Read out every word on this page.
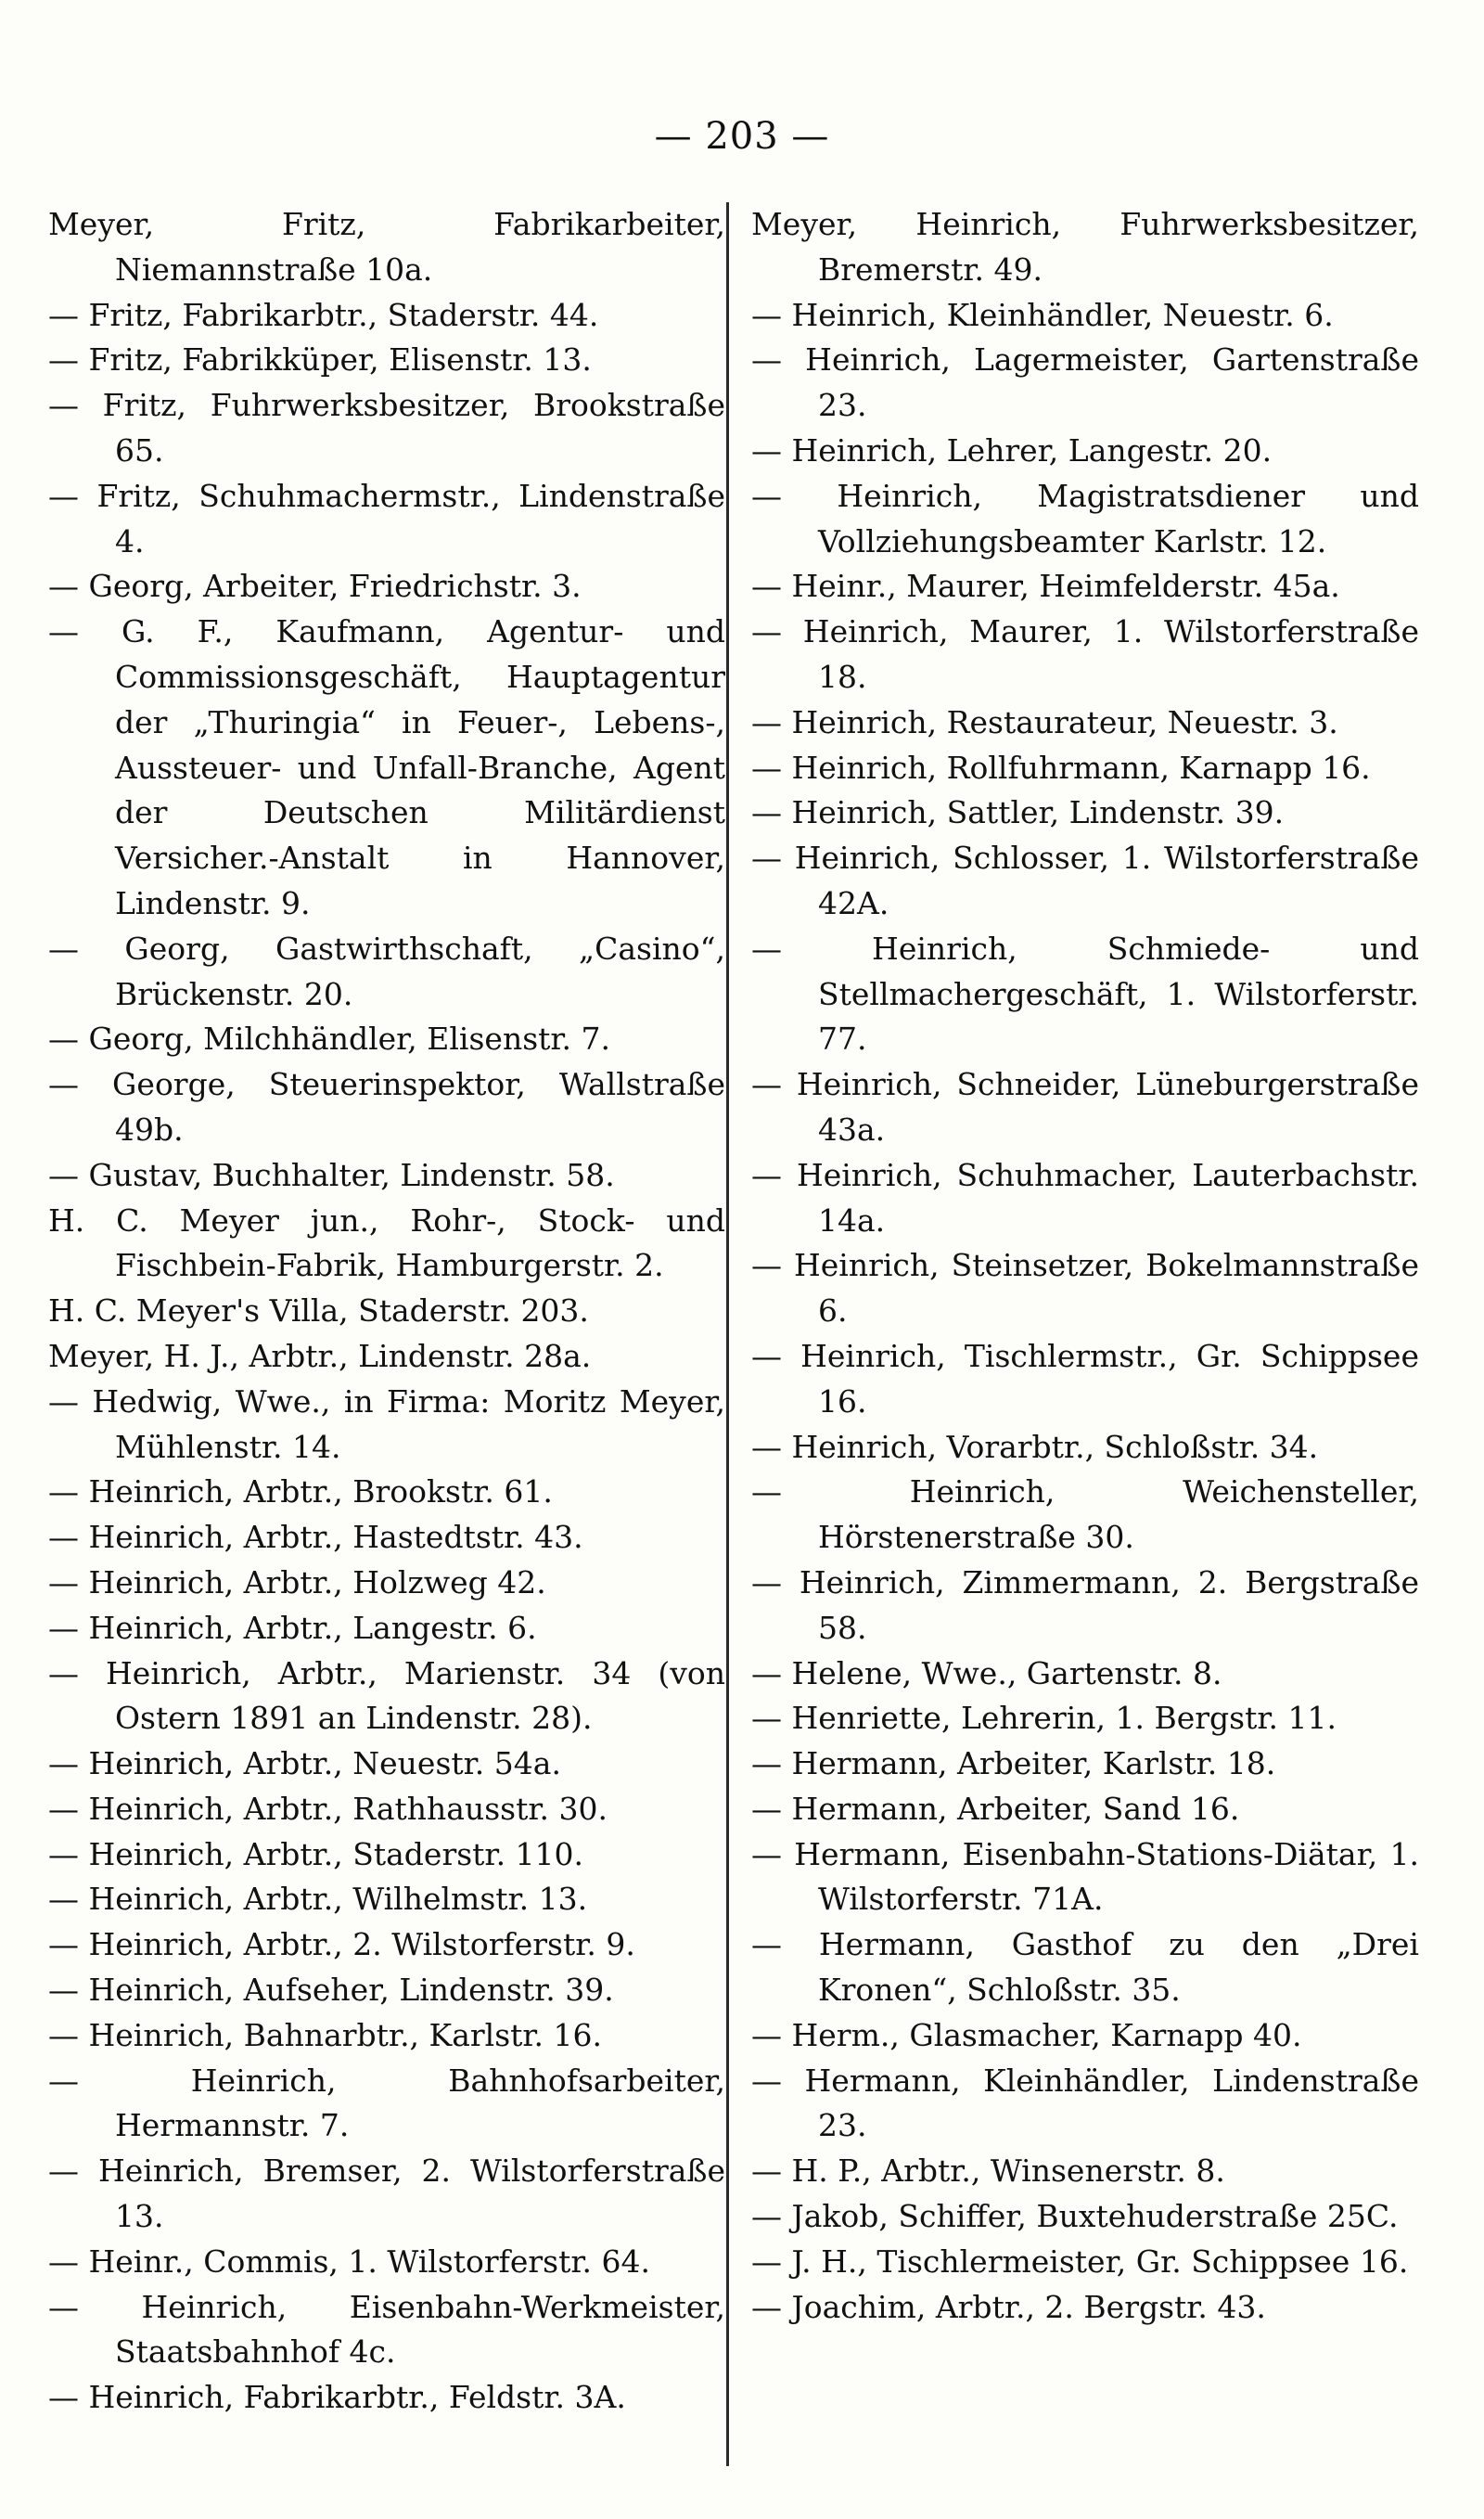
— 203 —
Meyer, Fritz, Fabrikarbeiter, Niemannstraße 10a.
— Fritz, Fabrikarbtr., Staderstr. 44.
— Fritz, Fabrikküper, Elisenstr. 13.
— Fritz, Fuhrwerksbesitzer, Brookstraße 65.
— Fritz, Schuhmachermstr., Lindenstraße 4.
— Georg, Arbeiter, Friedrichstr. 3.
— G. F., Kaufmann, Agentur- und Commissionsgeschäft, Hauptagentur der „Thuringia“ in Feuer-, Lebens-, Aussteuer- und Unfall-Branche, Agent der Deutschen Militärdienst Versicher.-Anstalt in Hannover, Lindenstr. 9.
— Georg, Gastwirthschaft, „Casino“, Brückenstr. 20.
— Georg, Milchhändler, Elisenstr. 7.
— George, Steuerinspektor, Wallstraße 49b.
— Gustav, Buchhalter, Lindenstr. 58.
H. C. Meyer jun., Rohr-, Stock- und Fischbein-Fabrik, Hamburgerstr. 2.
H. C. Meyer's Villa, Staderstr. 203.
Meyer, H. J., Arbtr., Lindenstr. 28a.
— Hedwig, Wwe., in Firma: Moritz Meyer, Mühlenstr. 14.
— Heinrich, Arbtr., Brookstr. 61.
— Heinrich, Arbtr., Hastedtstr. 43.
— Heinrich, Arbtr., Holzweg 42.
— Heinrich, Arbtr., Langestr. 6.
— Heinrich, Arbtr., Marienstr. 34 (von Ostern 1891 an Lindenstr. 28).
— Heinrich, Arbtr., Neuestr. 54a.
— Heinrich, Arbtr., Rathhausstr. 30.
— Heinrich, Arbtr., Staderstr. 110.
— Heinrich, Arbtr., Wilhelmstr. 13.
— Heinrich, Arbtr., 2. Wilstorferstr. 9.
— Heinrich, Aufseher, Lindenstr. 39.
— Heinrich, Bahnarbtr., Karlstr. 16.
— Heinrich, Bahnhofsarbeiter, Hermannstr. 7.
— Heinrich, Bremser, 2. Wilstorferstraße 13.
— Heinr., Commis, 1. Wilstorferstr. 64.
— Heinrich, Eisenbahn-Werkmeister, Staatsbahnhof 4c.
— Heinrich, Fabrikarbtr., Feldstr. 3A.
Meyer, Heinrich, Fuhrwerksbesitzer, Bremerstr. 49.
— Heinrich, Kleinhändler, Neuestr. 6.
— Heinrich, Lagermeister, Gartenstraße 23.
— Heinrich, Lehrer, Langestr. 20.
— Heinrich, Magistratsdiener und Vollziehungsbeamter Karlstr. 12.
— Heinr., Maurer, Heimfelderstr. 45a.
— Heinrich, Maurer, 1. Wilstorferstraße 18.
— Heinrich, Restaurateur, Neuestr. 3.
— Heinrich, Rollfuhrmann, Karnapp 16.
— Heinrich, Sattler, Lindenstr. 39.
— Heinrich, Schlosser, 1. Wilstorferstraße 42A.
— Heinrich, Schmiede- und Stellmachergeschäft, 1. Wilstorferstr. 77.
— Heinrich, Schneider, Lüneburgerstraße 43a.
— Heinrich, Schuhmacher, Lauterbachstr. 14a.
— Heinrich, Steinsetzer, Bokelmannstraße 6.
— Heinrich, Tischlermstr., Gr. Schippsee 16.
— Heinrich, Vorarbtr., Schloßstr. 34.
— Heinrich, Weichensteller, Hörstenerstraße 30.
— Heinrich, Zimmermann, 2. Bergstraße 58.
— Helene, Wwe., Gartenstr. 8.
— Henriette, Lehrerin, 1. Bergstr. 11.
— Hermann, Arbeiter, Karlstr. 18.
— Hermann, Arbeiter, Sand 16.
— Hermann, Eisenbahn-Stations-Diätar, 1. Wilstorferstr. 71A.
— Hermann, Gasthof zu den „Drei Kronen“, Schloßstr. 35.
— Herm., Glasmacher, Karnapp 40.
— Hermann, Kleinhändler, Lindenstraße 23.
— H. P., Arbtr., Winsenerstr. 8.
— Jakob, Schiffer, Buxtehuderstraße 25C.
— J. H., Tischlermeister, Gr. Schippsee 16.
— Joachim, Arbtr., 2. Bergstr. 43.
